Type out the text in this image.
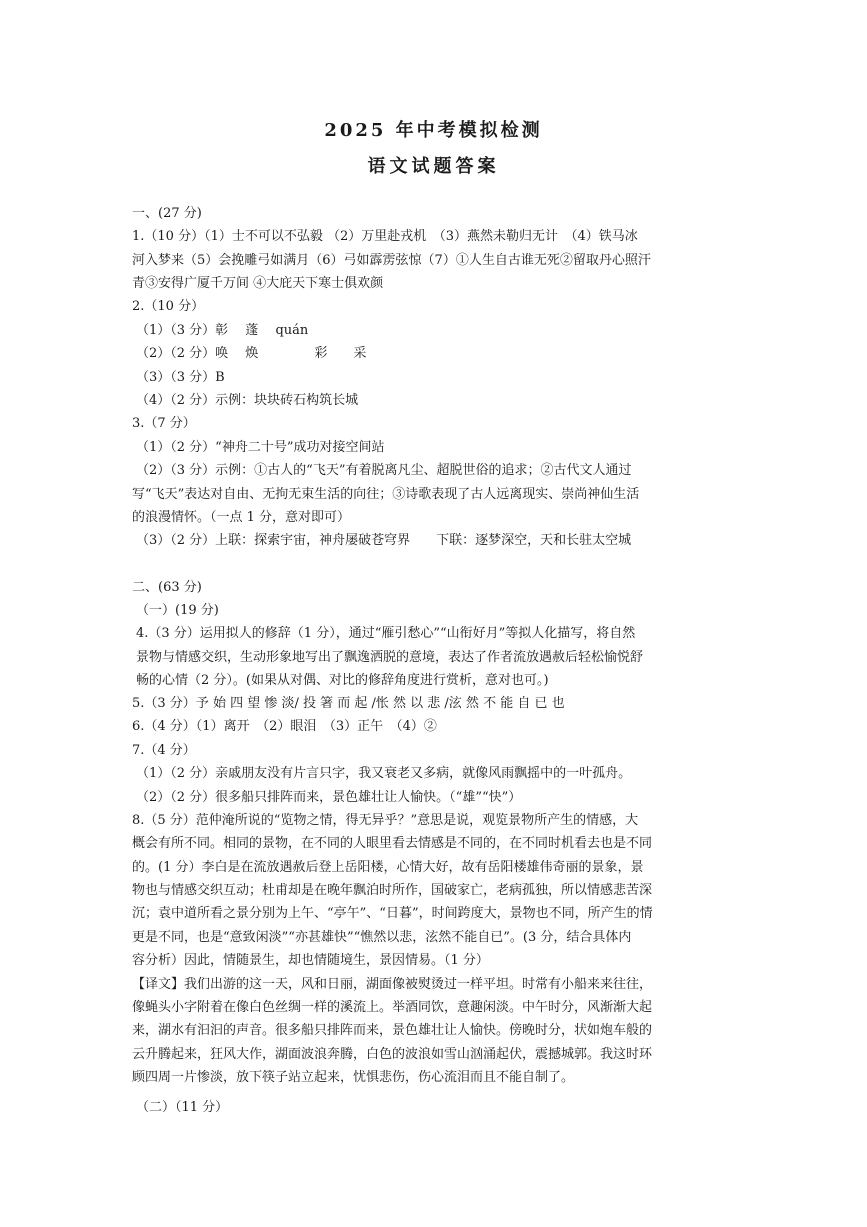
2025 年中考模拟检测
语文试题答案
一、(27 分)
1.（10 分）（1）士不可以不弘毅 （2）万里赴戎机　（3）燕然未勒归无计　（4）铁马冰
河入梦来（5）会挽雕弓如满月（6）弓如霹雳弦惊（7）①人生自古谁无死②留取丹心照汗
青③安得广厦千万间 ④大庇天下寒士俱欢颜
2.（10 分）
（1）（3 分）彰　 蓬　 quán
（2）（2 分）唤　 焕　　　　 彩　　采
（3）（3 分）B
（4）（2 分）示例：块块砖石构筑长城
3.（7 分）
（1）（2 分）“神舟二十号”成功对接空间站
（2）（3 分）示例：①古人的“飞天”有着脱离凡尘、超脱世俗的追求；②古代文人通过
写“飞天”表达对自由、无拘无束生活的向往；③诗歌表现了古人远离现实、崇尚神仙生活
的浪漫情怀。（一点 1 分，意对即可）
（3）（2 分）上联：探索宇宙，神舟屡破苍穹界　　下联：逐梦深空，天和长驻太空城
二、(63 分)
（一）(19 分)
4.（3 分）运用拟人的修辞（1 分），通过“雁引愁心”“山衔好月”等拟人化描写，将自然
景物与情感交织，生动形象地写出了飘逸洒脱的意境，表达了作者流放遇赦后轻松愉悦舒
畅的心情（2 分）。(如果从对偶、对比的修辞角度进行赏析，意对也可。)
5.（3 分）予 始 四 望 惨 淡/ 投 箸 而 起 /怅 然 以 悲 /泫 然 不 能 自 已 也
6.（4 分）（1）离开　（2）眼泪　（3）正午　（4）②
7.（4 分）
（1）（2 分）亲戚朋友没有片言只字，我又衰老又多病，就像风雨飘摇中的一叶孤舟。
（2）（2 分）很多船只排阵而来，景色雄壮让人愉快。（“雄”“快”）
8.（5 分）范仲淹所说的“览物之情，得无异乎？”意思是说，观览景物所产生的情感，大
概会有所不同。相同的景物，在不同的人眼里看去情感是不同的，在不同时机看去也是不同
的。(1 分）李白是在流放遇赦后登上岳阳楼，心情大好，故有岳阳楼雄伟奇丽的景象，景
物也与情感交织互动；杜甫却是在晚年飘泊时所作，国破家亡，老病孤独，所以情感悲苦深
沉；袁中道所看之景分别为上午、“亭午”、“日暮”，时间跨度大，景物也不同，所产生的情
更是不同，也是“意致闲淡”“亦甚雄快”“憔然以悲，泫然不能自已”。(3 分，结合具体内
容分析）因此，情随景生，却也情随境生，景因情易。（1 分）
【译文】我们出游的这一天，风和日丽，湖面像被熨烫过一样平坦。时常有小船来来往往，
像蝇头小字附着在像白色丝绸一样的溪流上。举酒同饮，意趣闲淡。中午时分，风渐渐大起
来，湖水有汩汩的声音。很多船只排阵而来，景色雄壮让人愉快。傍晚时分，状如炮车般的
云升腾起来，狂风大作，湖面波浪奔腾，白色的波浪如雪山汹涌起伏，震撼城郭。我这时环
顾四周一片惨淡，放下筷子站立起来，忧惧悲伤，伤心流泪而且不能自制了。
（二）（11 分）
